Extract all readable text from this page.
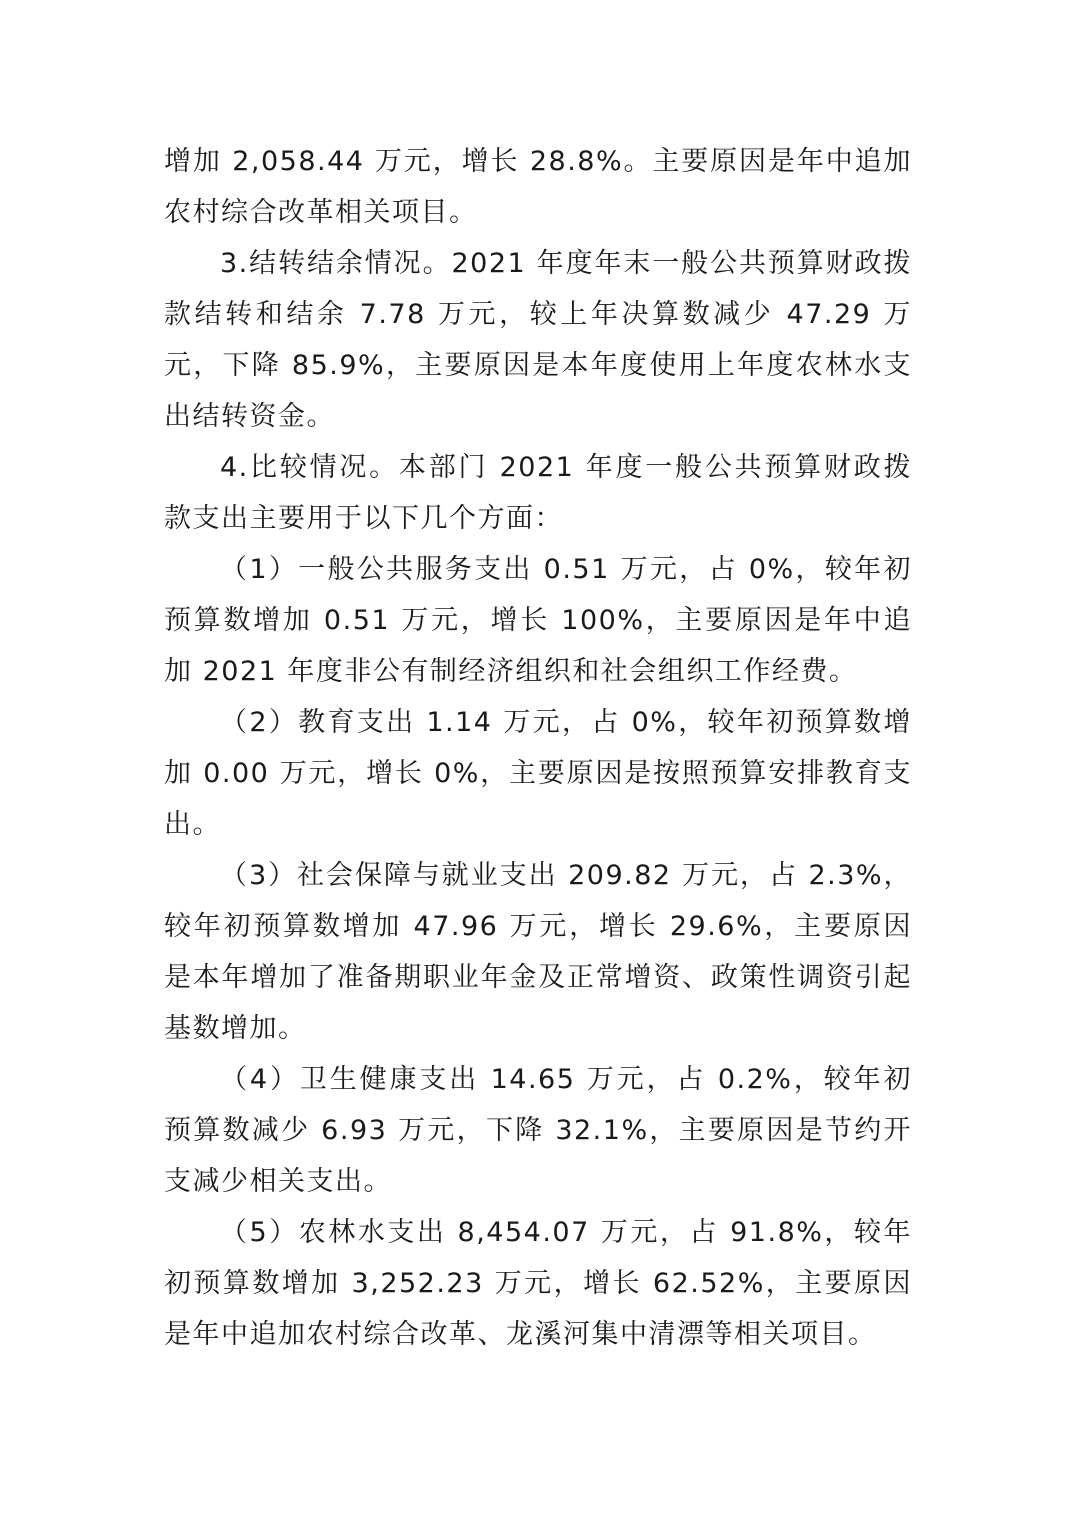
增加 2,058.44 万元，增长 28.8%。主要原因是年中追加农村综合改革相关项目。

3.结转结余情况。2021 年度年末一般公共预算财政拨款结转和结余 7.78 万元，较上年决算数减少 47.29 万元，下降 85.9%，主要原因是本年度使用上年度农林水支出结转资金。

4.比较情况。本部门 2021 年度一般公共预算财政拨款支出主要用于以下几个方面：

（1）一般公共服务支出 0.51 万元，占 0%，较年初预算数增加 0.51 万元，增长 100%，主要原因是年中追加 2021 年度非公有制经济组织和社会组织工作经费。

（2）教育支出 1.14 万元，占 0%，较年初预算数增加 0.00 万元，增长 0%，主要原因是按照预算安排教育支出。

（3）社会保障与就业支出 209.82 万元，占 2.3%，较年初预算数增加 47.96 万元，增长 29.6%，主要原因是本年增加了准备期职业年金及正常增资、政策性调资引起基数增加。

（4）卫生健康支出 14.65 万元，占 0.2%，较年初预算数减少 6.93 万元，下降 32.1%，主要原因是节约开支减少相关支出。

（5）农林水支出 8,454.07 万元，占 91.8%，较年初预算数增加 3,252.23 万元，增长 62.52%，主要原因是年中追加农村综合改革、龙溪河集中清漂等相关项目。
